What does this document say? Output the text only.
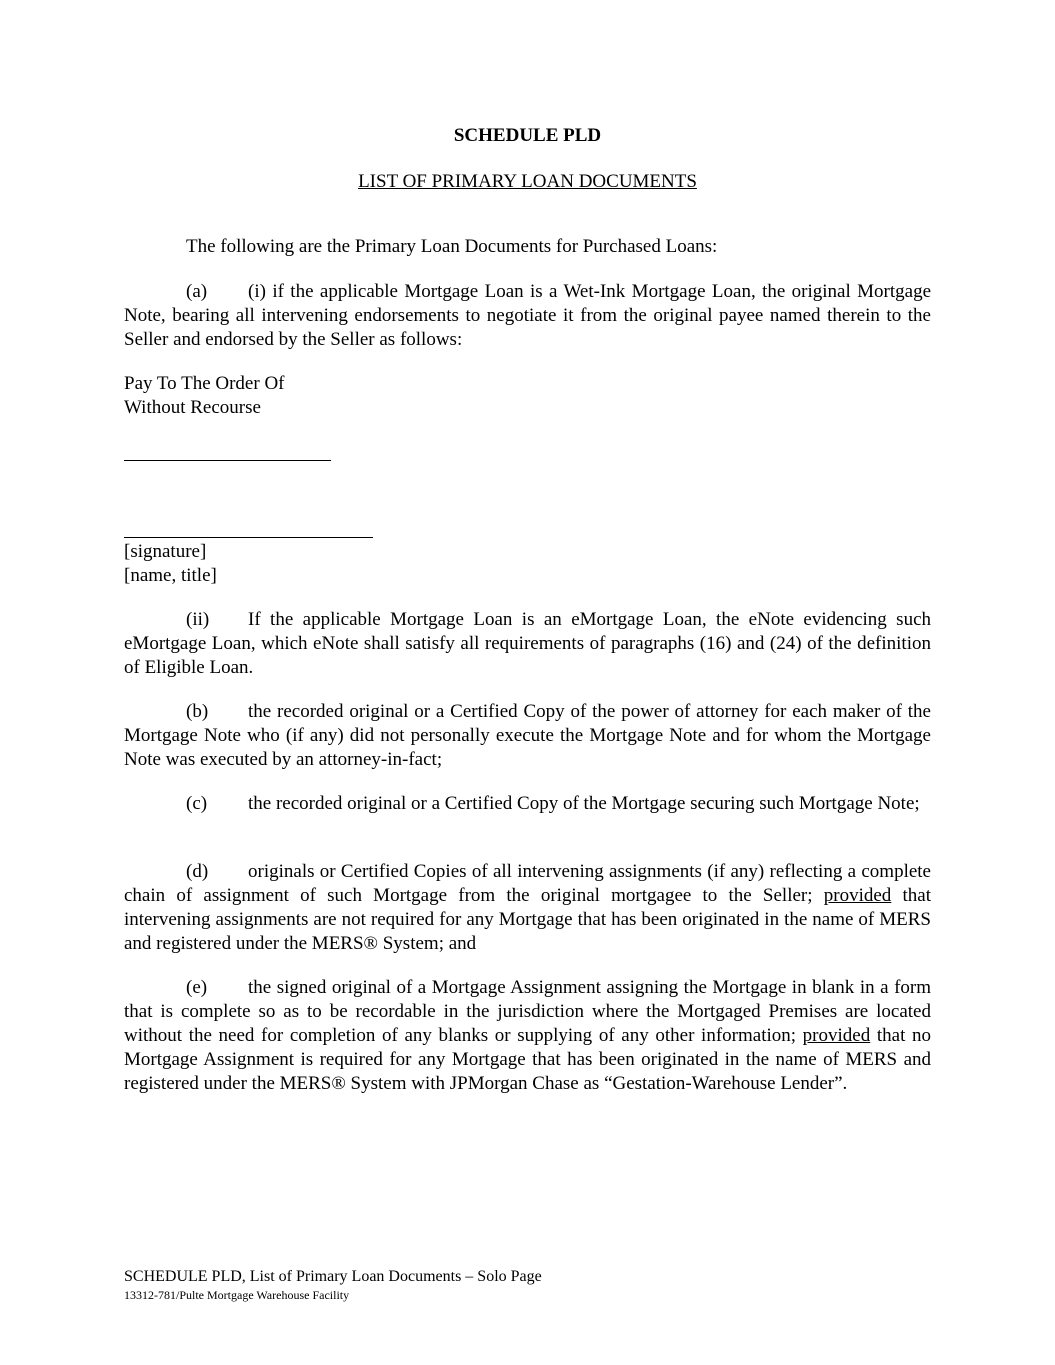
SCHEDULE PLD
LIST OF PRIMARY LOAN DOCUMENTS
The following are the Primary Loan Documents for Purchased Loans:
(a) (i) if the applicable Mortgage Loan is a Wet-Ink Mortgage Loan, the original Mortgage Note, bearing all intervening endorsements to negotiate it from the original payee named therein to the Seller and endorsed by the Seller as follows:
Pay To The Order Of
Without Recourse
[signature]
[name, title]
(ii) If the applicable Mortgage Loan is an eMortgage Loan, the eNote evidencing such eMortgage Loan, which eNote shall satisfy all requirements of paragraphs (16) and (24) of the definition of Eligible Loan.
(b) the recorded original or a Certified Copy of the power of attorney for each maker of the Mortgage Note who (if any) did not personally execute the Mortgage Note and for whom the Mortgage Note was executed by an attorney-in-fact;
(c) the recorded original or a Certified Copy of the Mortgage securing such Mortgage Note;
(d) originals or Certified Copies of all intervening assignments (if any) reflecting a complete chain of assignment of such Mortgage from the original mortgagee to the Seller; provided that intervening assignments are not required for any Mortgage that has been originated in the name of MERS and registered under the MERS® System; and
(e) the signed original of a Mortgage Assignment assigning the Mortgage in blank in a form that is complete so as to be recordable in the jurisdiction where the Mortgaged Premises are located without the need for completion of any blanks or supplying of any other information; provided that no Mortgage Assignment is required for any Mortgage that has been originated in the name of MERS and registered under the MERS® System with JPMorgan Chase as “Gestation-Warehouse Lender”.
SCHEDULE PLD, List of Primary Loan Documents – Solo Page
13312-781/Pulte Mortgage Warehouse Facility
